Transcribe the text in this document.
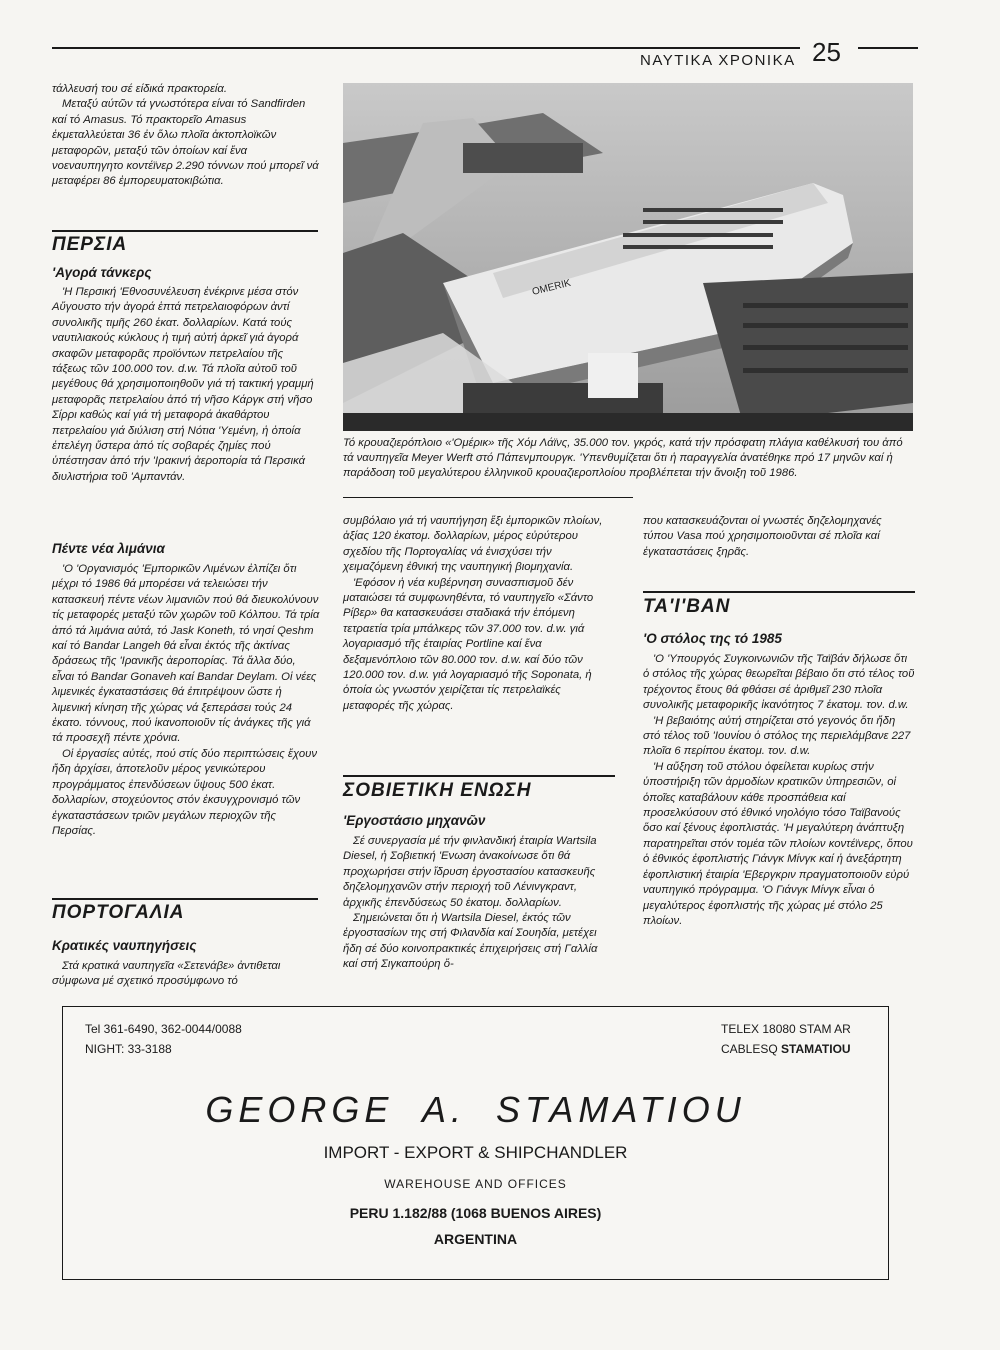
ΝΑΥΤΙΚΑ ΧΡΟΝΙΚΑ 25

τάλλευσή του σέ είδικά πρακτορεία.

Μεταξύ αύτῶν τά γνωστότερα είναι τό Sandfirden καί τό Amasus. Τό πρακτορεῖο Amasus ἐκμεταλλεύεται 36 ἐν ὅλω πλοῖα ἀκτοπλοϊκῶν μεταφορῶν, μεταξύ τῶν ὁποίων καί ἕνα νοεναυπηγητο κοντέϊνερ 2.290 τόννων πού μπορεῖ νά μεταφέρει 86 ἐμπορευματοκιβώτια.

ΠΕΡΣΙΑ
'Αγορά τάνκερς

'Η Περσική 'Εθνοσυνέλευση ἐνέκρινε μέσα στόν Αὔγουστο τήν ἀγορά ἑπτά πετρελαιοφόρων ἀντί συνολικῆς τιμῆς 260 ἑκατ. δολλαρίων. Κατά τούς ναυτιλιακούς κύκλους ἡ τιμή αὐτή ἀρκεῖ γιά ἀγορά σκαφῶν μεταφορᾶς προϊόντων πετρελαίου τῆς τάξεως τῶν 100.000 τον. d.w. Τά πλοῖα αὐτοῦ τοῦ μεγέθους θά χρησιμοποιηθοῦν γιά τή τακτική γραμμή μεταφορᾶς πετρελαίου ἀπό τή νῆσο Κάργκ στή νῆσο Σίρρι καθώς καί γιά τή μεταφορά ἀκαθάρτου πετρελαίου γιά διύλιση στή Νότια 'Υεμένη, ἡ ὁποία ἐπελέγη ὕστερα ἀπό τίς σοβαρές ζημίες πού ὑπέστησαν ἀπό τήν 'Ιρακινή ἀεροπορία τά Περσικά διυλιστήρια τοῦ 'Αμπαντάν.

Πέντε νέα λιμάνια

'Ο 'Οργανισμός 'Εμπορικῶν Λιμένων ἐλπίζει ὅτι μέχρι τό 1986 θά μπορέσει νά τελειώσει τήν κατασκευή πέντε νέων λιμανιῶν πού θά διευκολύνουν τίς μεταφορές μεταξύ τῶν χωρῶν τοῦ Κόλπου. Τά τρία ἀπό τά λιμάνια αὐτά, τό Jask Koneth, τό νησί Qeshm καί τό Bandar Langeh θά εἶναι ἐκτός τῆς ἀκτίνας δράσεως τῆς 'Ιρανικῆς ἀεροπορίας. Τά ἄλλα δύο, εἶναι τό Bandar Gonaveh καί Bandar Deylam. Οἱ νέες λιμενικές ἐγκαταστάσεις θά ἐπιτρέψουν ὥστε ἡ λιμενική κίνηση τῆς χώρας νά ξεπεράσει τούς 24 ἑκατο. τόννους, πού ἱκανοποιοῦν τίς ἀνάγκες τῆς γιά τά προσεχῆ πέντε χρόνια.

Οἱ ἐργασίες αὐτές, πού στίς δύο περιπτώσεις ἔχουν ἤδη ἀρχίσει, ἀποτελοῦν μέρος γενικώτερου προγράμματος ἐπενδύσεων ὕψους 500 ἑκατ. δολλαρίων, στοχεύοντος στόν ἐκσυγχρονισμό τῶν ἐγκαταστάσεων τριῶν μεγάλων περιοχῶν τῆς Περσίας.

ΠΟΡΤΟΓΑΛΙΑ
Κρατικές ναυπηγήσεις

Στά κρατικά ναυπηγεῖα «Σετενάβε» ἀντιθεται σύμφωνα μέ σχετικό προσύμφωνο τό

OMERIK
Τό κρουαζιερόπλοιο «'Ομέρικ» τῆς Χόμ Λάϊνς, 35.000 τον. γκρός, κατά τήν πρόσφατη πλάγια καθέλκυσή του ἀπό τά ναυπηγεῖα Meyer Werft στό Πάπενμπουργκ. 'Υπενθυμίζεται ὅτι ἡ παραγγελία ἀνατέθηκε πρό 17 μηνῶν καί ἡ παράδοση τοῦ μεγαλύτερου ἑλληνικοῦ κρουαζιεροπλοίου προβλέπεται τήν ἄνοιξη τοῦ 1986.

συμβόλαιο γιά τή ναυπήγηση ἕξι ἐμπορικῶν πλοίων, ἀξίας 120 ἑκατομ. δολλαρίων, μέρος εὐρύτερου σχεδίου τῆς Πορτογαλίας νά ἐνισχύσει τήν χειμαζόμενη ἐθνική της ναυπηγική βιομηχανία.

'Εφόσον ἡ νέα κυβέρνηση συνασπισμοῦ δέν ματαιώσει τά συμφωνηθέντα, τό ναυπηγεῖο «Σάντο Ρίβερ» θα κατασκευάσει σταδιακά τήν ἑπόμενη τετραετία τρία μπάλκερς τῶν 37.000 τον. d.w. γιά λογαριασμό τῆς ἑταιρίας Portline καί ἕνα δεξαμενόπλοιο τῶν 80.000 τον. d.w. καί δύο τῶν 120.000 τον. d.w. γιά λογαριασμό τῆς Soponata, ἡ ὁποία ὡς γνωστόν χειρίζεται τίς πετρελαϊκές μεταφορές τῆς χώρας.

ΣΟΒΙΕΤΙΚΗ ΕΝΩΣΗ
'Εργοστάσιο μηχανῶν

Σέ συνεργασία μέ τήν φινλανδική ἑταιρία Wartsila Diesel, ἡ Σοβιετική 'Ενωση ἀνακοίνωσε ὅτι θά προχωρήσει στήν ἵδρυση ἐργοστασίου κατασκευῆς δηζελομηχανῶν στήν περιοχή τοῦ Λένινγκραντ, ἀρχικῆς ἐπενδύσεως 50 ἑκατομ. δολλαρίων.

Σημειώνεται ὅτι ἡ Wartsila Diesel, ἐκτός τῶν ἐργοστασίων της στή Φιλανδία καί Σουηδία, μετέχει ἤδη σέ δύο κοινοπρακτικές ἐπιχειρήσεις στή Γαλλία καί στή Σιγκαπούρη ὅ-

που κατασκευάζονται οἱ γνωστές δηζελομηχανές τύπου Vasa πού χρησιμοποιοῦνται σέ πλοῖα καί ἐγκαταστάσεις ξηρᾶς.

ΤΑ'Ι'ΒΑΝ
'Ο στόλος της τό 1985

'Ο 'Υπουργός Συγκοινωνιῶν τῆς Ταϊβάν δήλωσε ὅτι ὁ στόλος τῆς χώρας θεωρεῖται βέβαιο ὅτι στό τέλος τοῦ τρέχοντος ἔτους θά φθάσει σέ ἀριθμεῖ 230 πλοῖα συνολικῆς μεταφορικῆς ἱκανότητος 7 ἑκατομ. τον. d.w.

'Η βεβαιότης αὐτή στηρίζεται στό γεγονός ὅτι ἤδη στό τέλος τοῦ 'Ιουνίου ὁ στόλος της περιελάμβανε 227 πλοῖα 6 περίπου ἑκατομ. τον. d.w.

'Η αὔξηση τοῦ στόλου ὀφείλεται κυρίως στήν ὑποστήριξη τῶν ἀρμοδίων κρατικῶν ὑπηρεσιῶν, οἱ ὁποῖες καταβάλουν κάθε προσπάθεια καί προσελκύσουν στό ἐθνικό νηολόγιο τόσο Ταϊβανούς ὅσο καί ξένους ἐφοπλιστάς. 'Η μεγαλύτερη ἀνάπτυξη παρατηρεῖται στόν τομέα τῶν πλοίων κοντέϊνερς, ὅπου ὁ ἐθνικός ἐφοπλιστής Γιάνγκ Μίνγκ καί ἡ ἀνεξάρτητη ἐφοπλιστική ἑταιρία 'Εβεργκριν πραγματοποιοῦν εὐρύ ναυπηγικό πρόγραμμα. 'Ο Γιάνγκ Μίνγκ εἶναι ὁ μεγαλύτερος ἐφοπλιστής τῆς χώρας μέ στόλο 25 πλοίων.

Tel 361-6490, 362-0044/0088
NIGHT: 33-3188
TELEX 18080 STAM AR
CABLESQ STAMATIOU
GEORGE  A.  STAMATIOU
IMPORT - EXPORT & SHIPCHANDLER
WAREHOUSE AND OFFICES
PERU 1.182/88 (1068 BUENOS AIRES)
ARGENTINA
